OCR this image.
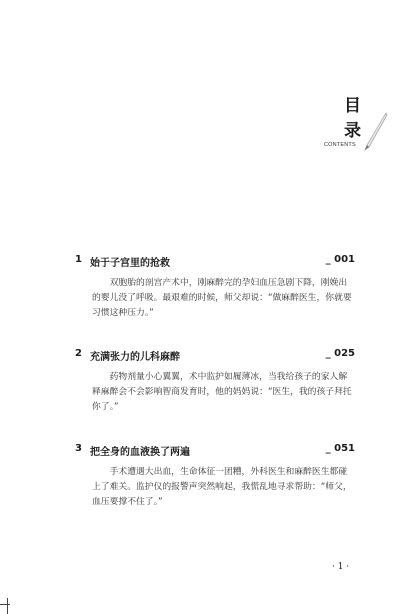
目
录
CONTENTS
1 始于子宫里的抢救	_ 001
双胞胎的剖宫产术中，刚麻醉完的孕妇血压急剧下降，刚娩出的婴儿没了呼吸。最艰难的时候，师父却说：“做麻醉医生，你就要习惯这种压力。”
2 充满张力的儿科麻醉	_ 025
药物剂量小心翼翼，术中监护如履薄冰，当我给孩子的家人解释麻醉会不会影响智商发育时，他的妈妈说：“医生，我的孩子拜托你了。”
3 把全身的血液换了两遍	_ 051
手术遭遇大出血，生命体征一团糟，外科医生和麻醉医生都碰上了难关。监护仪的报警声突然响起，我慌乱地寻求帮助：“师父，血压要撑不住了。”
· 1 ·
